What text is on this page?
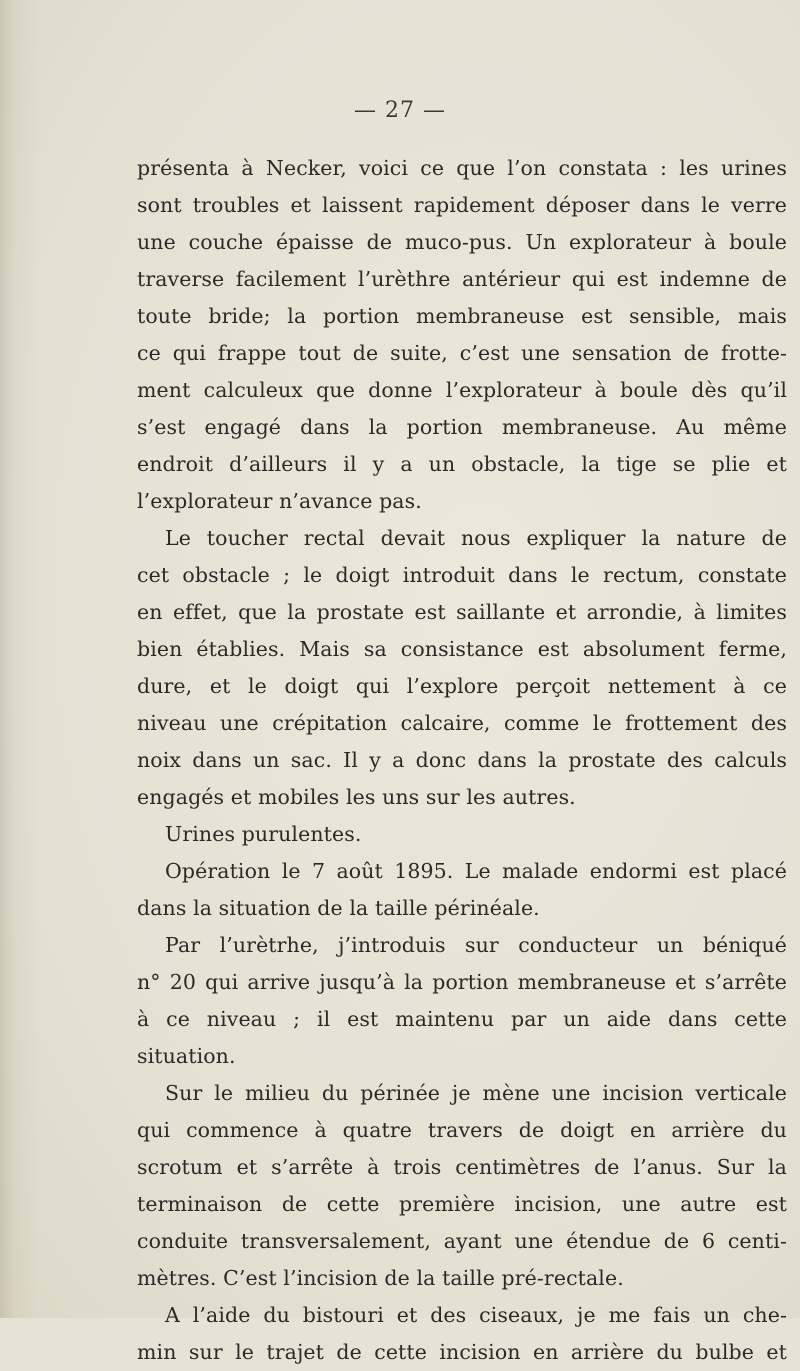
— 27 —
présenta à Necker, voici ce que l’on constata : les urines
sont troubles et laissent rapidement déposer dans le verre
une couche épaisse de muco-pus. Un explorateur à boule
traverse facilement l’urèthre antérieur qui est indemne de
toute bride; la portion membraneuse est sensible, mais
ce qui frappe tout de suite, c’est une sensation de frotte-
ment calculeux que donne l’explorateur à boule dès qu’il
s’est engagé dans la portion membraneuse. Au même
endroit d’ailleurs il y a un obstacle, la tige se plie et
l’explorateur n’avance pas.
Le toucher rectal devait nous expliquer la nature de
cet obstacle ; le doigt introduit dans le rectum, constate
en effet, que la prostate est saillante et arrondie, à limites
bien établies. Mais sa consistance est absolument ferme,
dure, et le doigt qui l’explore perçoit nettement à ce
niveau une crépitation calcaire, comme le frottement des
noix dans un sac. Il y a donc dans la prostate des calculs
engagés et mobiles les uns sur les autres.
Urines purulentes.
Opération le 7 août 1895. Le malade endormi est placé
dans la situation de la taille périnéale.
Par l’urètrhe, j’introduis sur conducteur un béniqué
n° 20 qui arrive jusqu’à la portion membraneuse et s’arrête
à ce niveau ; il est maintenu par un aide dans cette
situation.
Sur le milieu du périnée je mène une incision verticale
qui commence à quatre travers de doigt en arrière du
scrotum et s’arrête à trois centimètres de l’anus. Sur la
terminaison de cette première incision, une autre est
conduite transversalement, ayant une étendue de 6 centi-
mètres. C’est l’incision de la taille pré-rectale.
A l’aide du bistouri et des ciseaux, je me fais un che-
min sur le trajet de cette incision en arrière du bulbe et
